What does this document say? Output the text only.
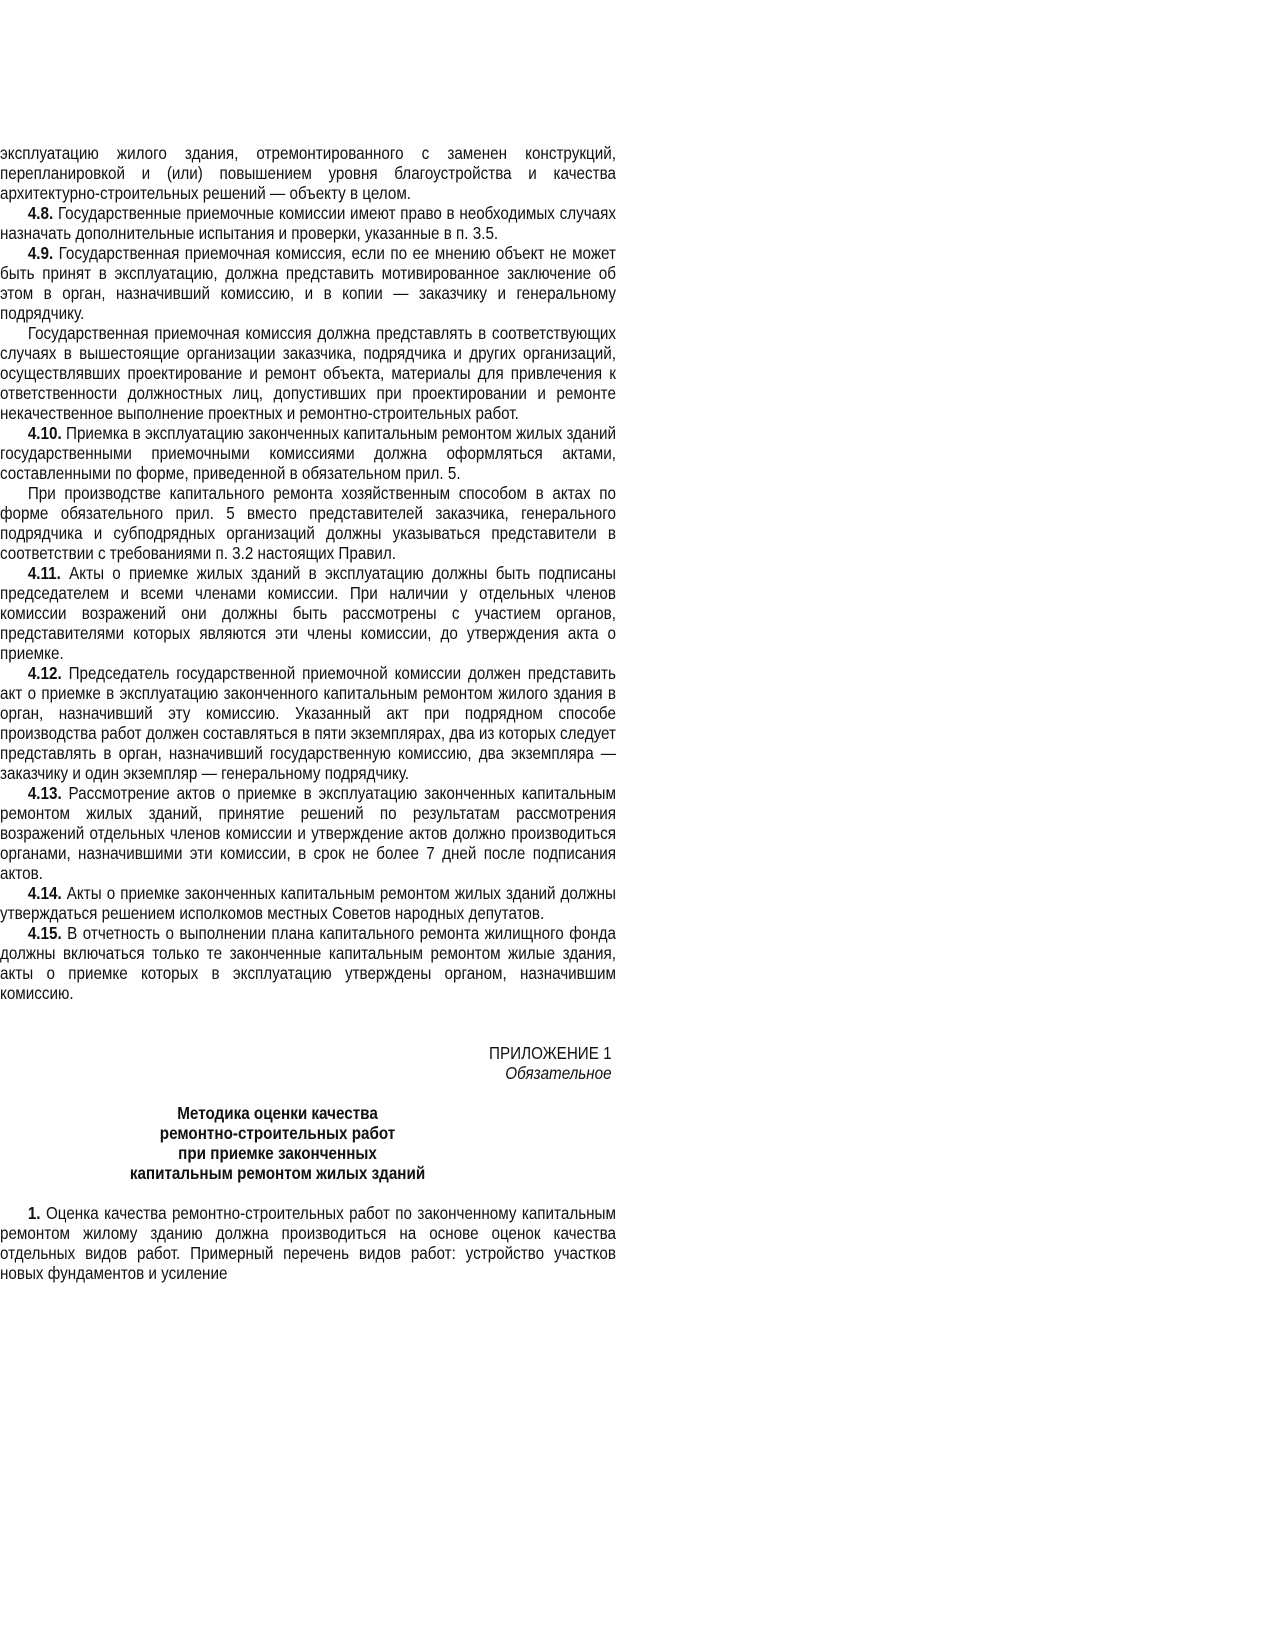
эксплуатацию жилого здания, отремонтированного с заменен конструкций, перепланировкой и (или) повышением уровня благоустройства и качества архитектурно-строительных решений — объекту в целом.

4.8. Государственные приемочные комиссии имеют право в необходимых случаях назначать дополнительные испытания и проверки, указанные в п. 3.5.

4.9. Государственная приемочная комиссия, если по ее мнению объект не может быть принят в эксплуатацию, должна представить мотивированное заключение об этом в орган, назначивший комиссию, и в копии — заказчику и генеральному подрядчику.

Государственная приемочная комиссия должна представлять в соответствующих случаях в вышестоящие организации заказчика, подрядчика и других организаций, осуществлявших проектирование и ремонт объекта, материалы для привлечения к ответственности должностных лиц, допустивших при проектировании и ремонте некачественное выполнение проектных и ремонтно-строительных работ.

4.10. Приемка в эксплуатацию законченных капитальным ремонтом жилых зданий государственными приемочными комиссиями должна оформляться актами, составленными по форме, приведенной в обязательном прил. 5.

При производстве капитального ремонта хозяйственным способом в актах по форме обязательного прил. 5 вместо представителей заказчика, генерального подрядчика и субподрядных организаций должны указываться представители в соответствии с требованиями п. 3.2 настоящих Правил.

4.11. Акты о приемке жилых зданий в эксплуатацию должны быть подписаны председателем и всеми членами комиссии. При наличии у отдельных членов комиссии возражений они должны быть рассмотрены с участием органов, представителями которых являются эти члены комиссии, до утверждения акта о приемке.

4.12. Председатель государственной приемочной комиссии должен представить акт о приемке в эксплуатацию законченного капитальным ремонтом жилого здания в орган, назначивший эту комиссию. Указанный акт при подрядном способе производства работ должен составляться в пяти экземплярах, два из которых следует представлять в орган, назначивший государственную комиссию, два экземпляра —заказчику и один экземпляр — генеральному подрядчику.

4.13. Рассмотрение актов о приемке в эксплуатацию законченных капитальным ремонтом жилых зданий, принятие решений по результатам рассмотрения возражений отдельных членов комиссии и утверждение актов должно производиться органами, назначившими эти комиссии, в срок не более 7 дней после подписания актов.

4.14. Акты о приемке законченных капитальным ремонтом жилых зданий должны утверждаться решением исполкомов местных Советов народных депутатов.

4.15. В отчетность о выполнении плана капитального ремонта жилищного фонда должны включаться только те законченные капитальным ремонтом жилые здания, акты о приемке которых в эксплуатацию утверждены органом, назначившим комиссию.

ПРИЛОЖЕНИЕ 1
Обязательное
Методика оценки качества
ремонтно-строительных работ
при приемке законченных
капитальным ремонтом жилых зданий

1. Оценка качества ремонтно-строительных работ по законченному капитальным ремонтом жилому зданию должна производиться на основе оценок качества отдельных видов работ. Примерный перечень видов работ: устройство участков новых фундаментов и усиление
